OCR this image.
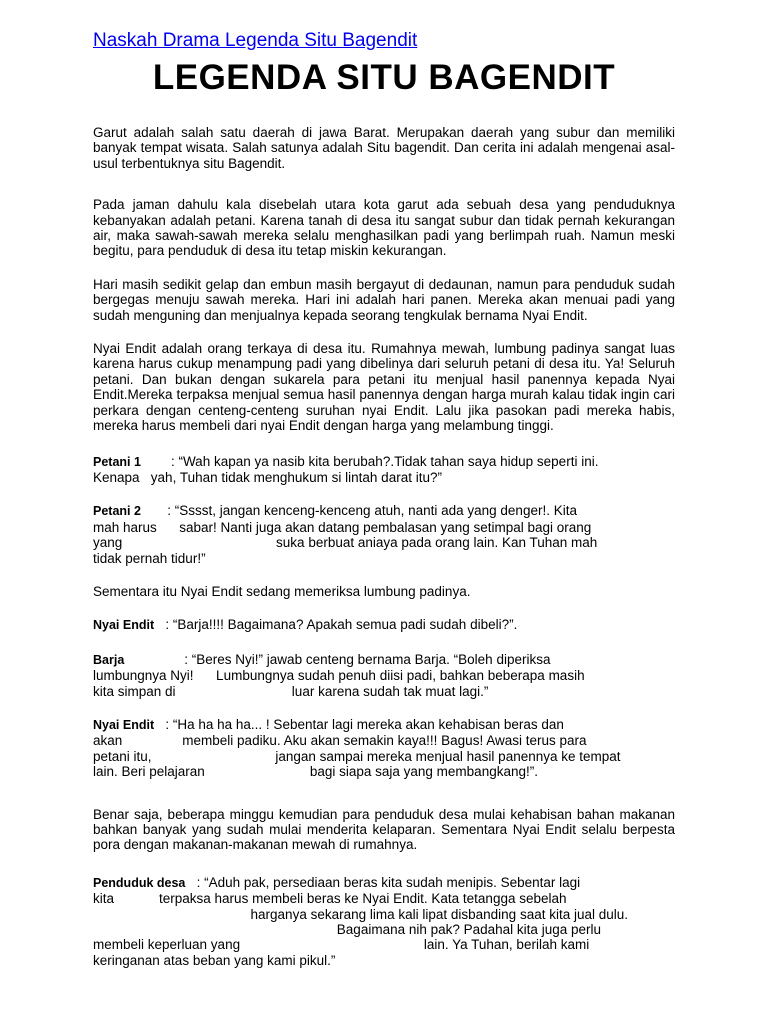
Naskah Drama Legenda Situ Bagendit
LEGENDA SITU BAGENDIT

Garut adalah salah satu daerah di jawa Barat. Merupakan daerah yang subur dan memiliki banyak tempat wisata. Salah satunya adalah Situ bagendit. Dan cerita ini adalah mengenai asal-usul terbentuknya situ Bagendit.

Pada jaman dahulu kala disebelah utara kota garut ada sebuah desa yang penduduknya kebanyakan adalah petani. Karena tanah di desa itu sangat subur dan tidak pernah kekurangan air, maka sawah-sawah mereka selalu menghasilkan padi yang berlimpah ruah. Namun meski begitu, para penduduk di desa itu tetap miskin kekurangan.

Hari masih sedikit gelap dan embun masih bergayut di dedaunan, namun para penduduk sudah bergegas menuju sawah mereka. Hari ini adalah hari panen. Mereka akan menuai padi yang sudah menguning dan menjualnya kepada seorang tengkulak bernama Nyai Endit.

Nyai Endit adalah orang terkaya di desa itu. Rumahnya mewah, lumbung padinya sangat luas karena harus cukup menampung padi yang dibelinya dari seluruh petani di desa itu. Ya! Seluruh petani. Dan bukan dengan sukarela para petani itu menjual hasil panennya kepada Nyai Endit.Mereka terpaksa menjual semua hasil panennya dengan harga murah kalau tidak ingin cari perkara dengan centeng-centeng suruhan nyai Endit. Lalu jika pasokan padi mereka habis, mereka harus membeli dari nyai Endit dengan harga yang melambung tinggi.

Petani 1        : “Wah kapan ya nasib kita berubah?.Tidak tahan saya hidup seperti ini.
Kenapa   yah, Tuhan tidak menghukum si lintah darat itu?”

Petani 2       : “Sssst, jangan kenceng-kenceng atuh, nanti ada yang denger!. Kita
mah harus      sabar! Nanti juga akan datang pembalasan yang setimpal bagi orang
yang                                         suka berbuat aniaya pada orang lain. Kan Tuhan mah
tidak pernah tidur!”

Sementara itu Nyai Endit sedang memeriksa lumbung padinya.

Nyai Endit   : “Barja!!!! Bagaimana? Apakah semua padi sudah dibeli?”.

Barja                : “Beres Nyi!” jawab centeng bernama Barja. “Boleh diperiksa
lumbungnya Nyi!      Lumbungnya sudah penuh diisi padi, bahkan beberapa masih
kita simpan di                               luar karena sudah tak muat lagi.”

Nyai Endit   : “Ha ha ha ha... ! Sebentar lagi mereka akan kehabisan beras dan
akan                membeli padiku. Aku akan semakin kaya!!! Bagus! Awasi terus para
petani itu,                                 jangan sampai mereka menjual hasil panennya ke tempat
lain. Beri pelajaran                            bagi siapa saja yang membangkang!”.

Benar saja, beberapa minggu kemudian para penduduk desa mulai kehabisan bahan makanan bahkan banyak yang sudah mulai menderita kelaparan. Sementara Nyai Endit selalu berpesta pora dengan makanan-makanan mewah di rumahnya.

Penduduk desa   : “Aduh pak, persediaan beras kita sudah menipis. Sebentar lagi
kita            terpaksa harus membeli beras ke Nyai Endit. Kata tetangga sebelah
harganya sekarang lima kali lipat disbanding saat kita jual dulu.
Bagaimana nih pak? Padahal kita juga perlu
membeli keperluan yang                                                 lain. Ya Tuhan, berilah kami
keringanan atas beban yang kami pikul.”
